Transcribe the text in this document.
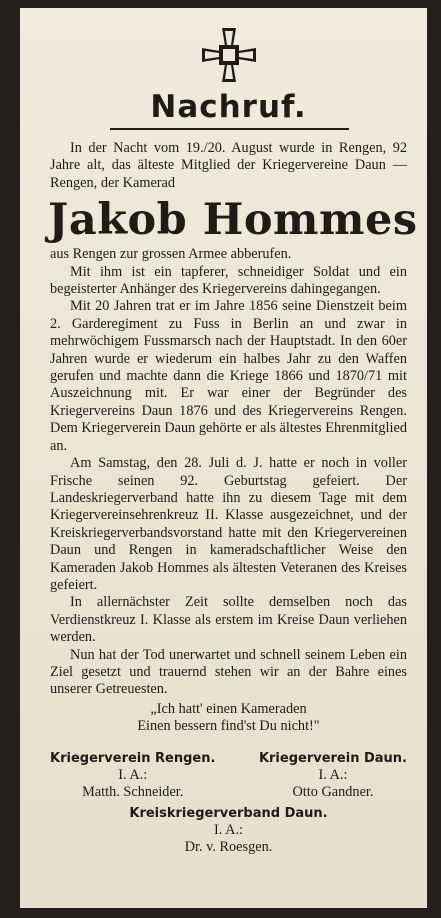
Nachruf.

In der Nacht vom 19./20. August wurde in Rengen, 92 Jahre alt, das älteste Mitglied der Kriegervereine Daun — Rengen, der Kamerad

Jakob Hommes

aus Rengen zur grossen Armee abberufen.

Mit ihm ist ein tapferer, schneidiger Soldat und ein begeisterter Anhänger des Kriegervereins dahingegangen.

Mit 20 Jahren trat er im Jahre 1856 seine Dienstzeit beim 2. Garderegiment zu Fuss in Berlin an und zwar in mehrwöchigem Fussmarsch nach der Hauptstadt. In den 60er Jahren wurde er wiederum ein halbes Jahr zu den Waffen gerufen und machte dann die Kriege 1866 und 1870/71 mit Auszeichnung mit. Er war einer der Begründer des Kriegervereins Daun 1876 und des Kriegervereins Rengen. Dem Kriegerverein Daun gehörte er als ältestes Ehrenmitglied an.

Am Samstag, den 28. Juli d. J. hatte er noch in voller Frische seinen 92. Geburtstag gefeiert. Der Landeskriegerverband hatte ihn zu diesem Tage mit dem Kriegervereinsehrenkreuz II. Klasse ausgezeichnet, und der Kreiskriegerverbandsvorstand hatte mit den Kriegervereinen Daun und Rengen in kameradschaftlicher Weise den Kameraden Jakob Hommes als ältesten Veteranen des Kreises gefeiert.

In allernächster Zeit sollte demselben noch das Verdienstkreuz I. Klasse als erstem im Kreise Daun verliehen werden.

Nun hat der Tod unerwartet und schnell seinem Leben ein Ziel gesetzt und trauernd stehen wir an der Bahre eines unserer Getreuesten.

„Ich hatt' einen Kameraden
Einen bessern find'st Du nicht!"
Kriegerverein Rengen.
I. A.:
Matth. Schneider.
Kriegerverein Daun.
I. A.:
Otto Gandner.
Kreiskriegerverband Daun.
I. A.:
Dr. v. Roesgen.
